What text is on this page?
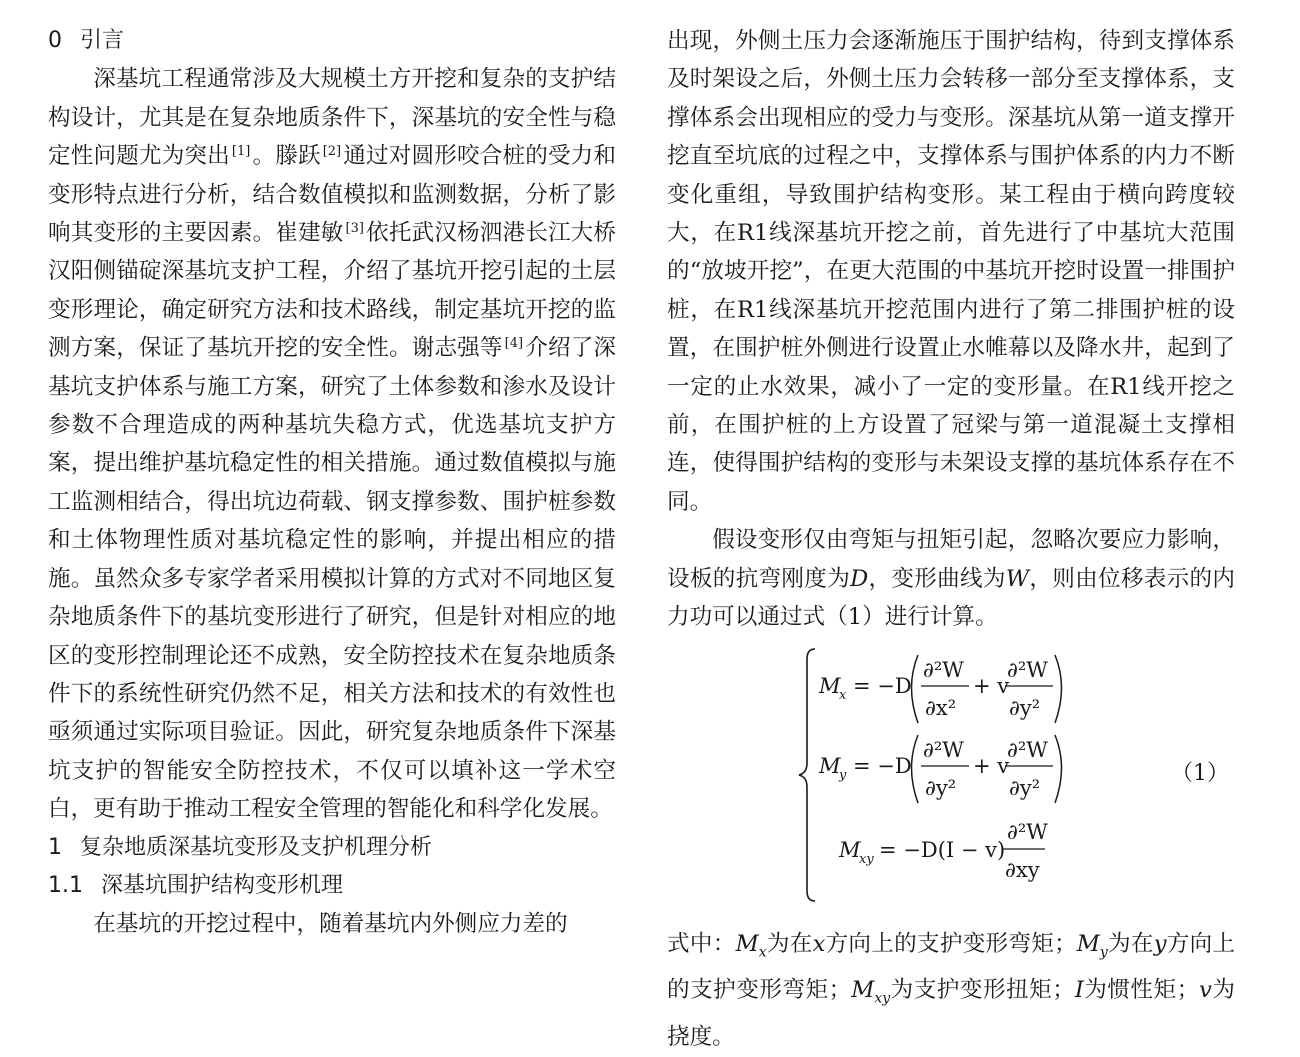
0 引言

深基坑工程通常涉及大规模土方开挖和复杂的支护结构设计，尤其是在复杂地质条件下，深基坑的安全性与稳定性问题尤为突出 [1]。滕跃 [2]通过对圆形咬合桩的受力和变形特点进行分析，结合数值模拟和监测数据，分析了影响其变形的主要因素。崔建敏 [3]依托武汉杨泗港长江大桥汉阳侧锚碇深基坑支护工程，介绍了基坑开挖引起的土层变形理论，确定研究方法和技术路线，制定基坑开挖的监测方案，保证了基坑开挖的安全性。谢志强等 [4]介绍了深基坑支护体系与施工方案，研究了土体参数和渗水及设计参数不合理造成的两种基坑失稳方式，优选基坑支护方案，提出维护基坑稳定性的相关措施。通过数值模拟与施工监测相结合，得出坑边荷载、钢支撑参数、围护桩参数和土体物理性质对基坑稳定性的影响，并提出相应的措施。虽然众多专家学者采用模拟计算的方式对不同地区复杂地质条件下的基坑变形进行了研究，但是针对相应的地区的变形控制理论还不成熟，安全防控技术在复杂地质条件下的系统性研究仍然不足，相关方法和技术的有效性也亟须通过实际项目验证。因此，研究复杂地质条件下深基坑支护的智能安全防控技术，不仅可以填补这一学术空白，更有助于推动工程安全管理的智能化和科学化发展。

1 复杂地质深基坑变形及支护机理分析
1.1 深基坑围护结构变形机理

在基坑的开挖过程中，随着基坑内外侧应力差的

出现，外侧土压力会逐渐施压于围护结构，待到支撑体系及时架设之后，外侧土压力会转移一部分至支撑体系，支撑体系会出现相应的受力与变形。深基坑从第一道支撑开挖直至坑底的过程之中，支撑体系与围护体系的内力不断变化重组，导致围护结构变形。某工程由于横向跨度较大，在R1线深基坑开挖之前，首先进行了中基坑大范围的“放坡开挖”，在更大范围的中基坑开挖时设置一排围护桩，在R1线深基坑开挖范围内进行了第二排围护桩的设置，在围护桩外侧进行设置止水帷幕以及降水井，起到了一定的止水效果，减小了一定的变形量。在R1线开挖之前，在围护桩的上方设置了冠梁与第一道混凝土支撑相连，使得围护结构的变形与未架设支撑的基坑体系存在不同。

假设变形仅由弯矩与扭矩引起，忽略次要应力影响，设板的抗弯刚度为D，变形曲线为W，则由位移表示的内力功可以通过式（1）进行计算。

M
x = −D
∂²W
∂x²
+ v
∂²W
∂y²
M
y = −D
∂²W
∂y²
+ v
∂²W
∂y²
M
xy = −D(I − v)
∂²W
∂xy
（1）

式中：$M_x$为在x方向上的支护变形弯矩；$M_y$为在y方向上的支护变形弯矩；$M_{xy}$为支护变形扭矩；I为惯性矩；v为挠度。
